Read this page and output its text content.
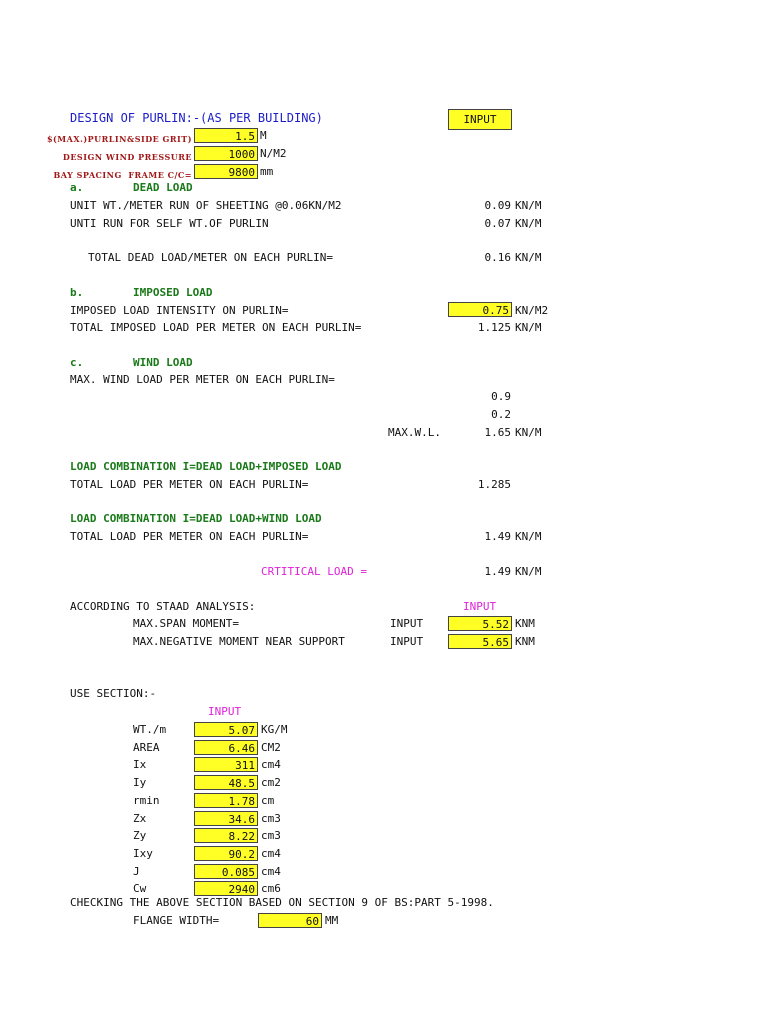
DESIGN OF PURLIN:-(AS PER BUILDING)	INPUT
$(MAX.)PURLIN&SIDE GRIT)	1.5 M
DESIGN WIND PRESSURE	1000 N/M2
BAY SPACING  FRAME C/C=	9800 mm
a.	DEAD LOAD
UNIT WT./METER RUN OF SHEETING @0.06KN/M2	0.09 KN/M
UNTI RUN FOR SELF WT.OF PURLIN	0.07 KN/M
TOTAL DEAD LOAD/METER ON EACH PURLIN=	0.16 KN/M
b.	IMPOSED LOAD
IMPOSED LOAD INTENSITY ON PURLIN=	0.75 KN/M2
TOTAL IMPOSED LOAD PER METER ON EACH PURLIN=	1.125 KN/M
c.	WIND LOAD
MAX. WIND LOAD PER METER ON EACH PURLIN=
0.9
0.2
MAX.W.L.	1.65 KN/M
LOAD COMBINATION I=DEAD LOAD+IMPOSED LOAD
TOTAL LOAD PER METER ON EACH PURLIN=	1.285
LOAD COMBINATION I=DEAD LOAD+WIND LOAD
TOTAL LOAD PER METER ON EACH PURLIN=	1.49 KN/M
CRTITICAL LOAD =	1.49 KN/M
ACCORDING TO STAAD ANALYSIS:	INPUT
MAX.SPAN MOMENT=	INPUT	5.52 KNM
MAX.NEGATIVE MOMENT NEAR SUPPORT	INPUT	5.65 KNM
USE SECTION:-
INPUT
WT./m	5.07 KG/M
AREA	6.46 CM2
Ix	311 cm4
Iy	48.5 cm2
rmin	1.78 cm
Zx	34.6 cm3
Zy	8.22 cm3
Ixy	90.2 cm4
J	0.085 cm4
Cw	2940 cm6
CHECKING THE ABOVE SECTION BASED ON SECTION 9 OF BS:PART 5-1998.
FLANGE WIDTH=	60 MM
